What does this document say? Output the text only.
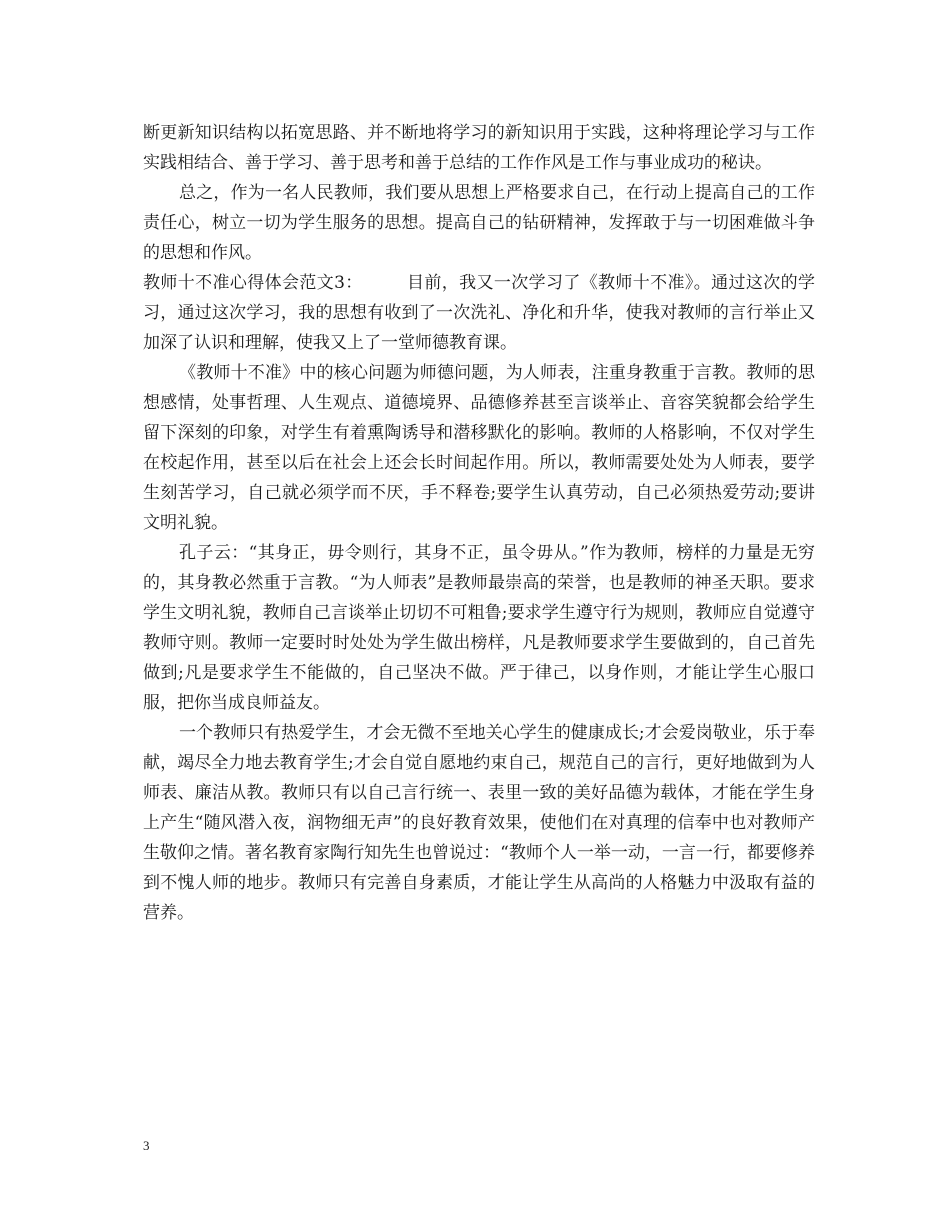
断更新知识结构以拓宽思路、并不断地将学习的新知识用于实践，这种将理论学习与工作实践相结合、善于学习、善于思考和善于总结的工作作风是工作与事业成功的秘诀。

总之，作为一名人民教师，我们要从思想上严格要求自己，在行动上提高自己的工作责任心，树立一切为学生服务的思想。提高自己的钻研精神，发挥敢于与一切困难做斗争的思想和作风。

教师十不准心得体会范文3：	目前，我又一次学习了《教师十不准》。通过这次的学习，通过这次学习，我的思想有收到了一次洗礼、净化和升华，使我对教师的言行举止又加深了认识和理解，使我又上了一堂师德教育课。

《教师十不准》中的核心问题为师德问题，为人师表，注重身教重于言教。教师的思想感情，处事哲理、人生观点、道德境界、品德修养甚至言谈举止、音容笑貌都会给学生留下深刻的印象，对学生有着熏陶诱导和潜移默化的影响。教师的人格影响，不仅对学生在校起作用，甚至以后在社会上还会长时间起作用。所以，教师需要处处为人师表，要学生刻苦学习，自己就必须学而不厌，手不释卷;要学生认真劳动，自己必须热爱劳动;要讲文明礼貌。

孔子云：“其身正，毋令则行，其身不正，虽令毋从。”作为教师，榜样的力量是无穷的，其身教必然重于言教。“为人师表”是教师最崇高的荣誉，也是教师的神圣天职。要求学生文明礼貌，教师自己言谈举止切切不可粗鲁;要求学生遵守行为规则，教师应自觉遵守教师守则。教师一定要时时处处为学生做出榜样，凡是教师要求学生要做到的，自己首先做到;凡是要求学生不能做的，自己坚决不做。严于律己，以身作则，才能让学生心服口服，把你当成良师益友。

一个教师只有热爱学生，才会无微不至地关心学生的健康成长;才会爱岗敬业，乐于奉献，竭尽全力地去教育学生;才会自觉自愿地约束自己，规范自己的言行，更好地做到为人师表、廉洁从教。教师只有以自己言行统一、表里一致的美好品德为载体，才能在学生身上产生“随风潜入夜，润物细无声”的良好教育效果，使他们在对真理的信奉中也对教师产生敬仰之情。著名教育家陶行知先生也曾说过：“教师个人一举一动，一言一行，都要修养到不愧人师的地步。教师只有完善自身素质，才能让学生从高尚的人格魅力中汲取有益的营养。

3
